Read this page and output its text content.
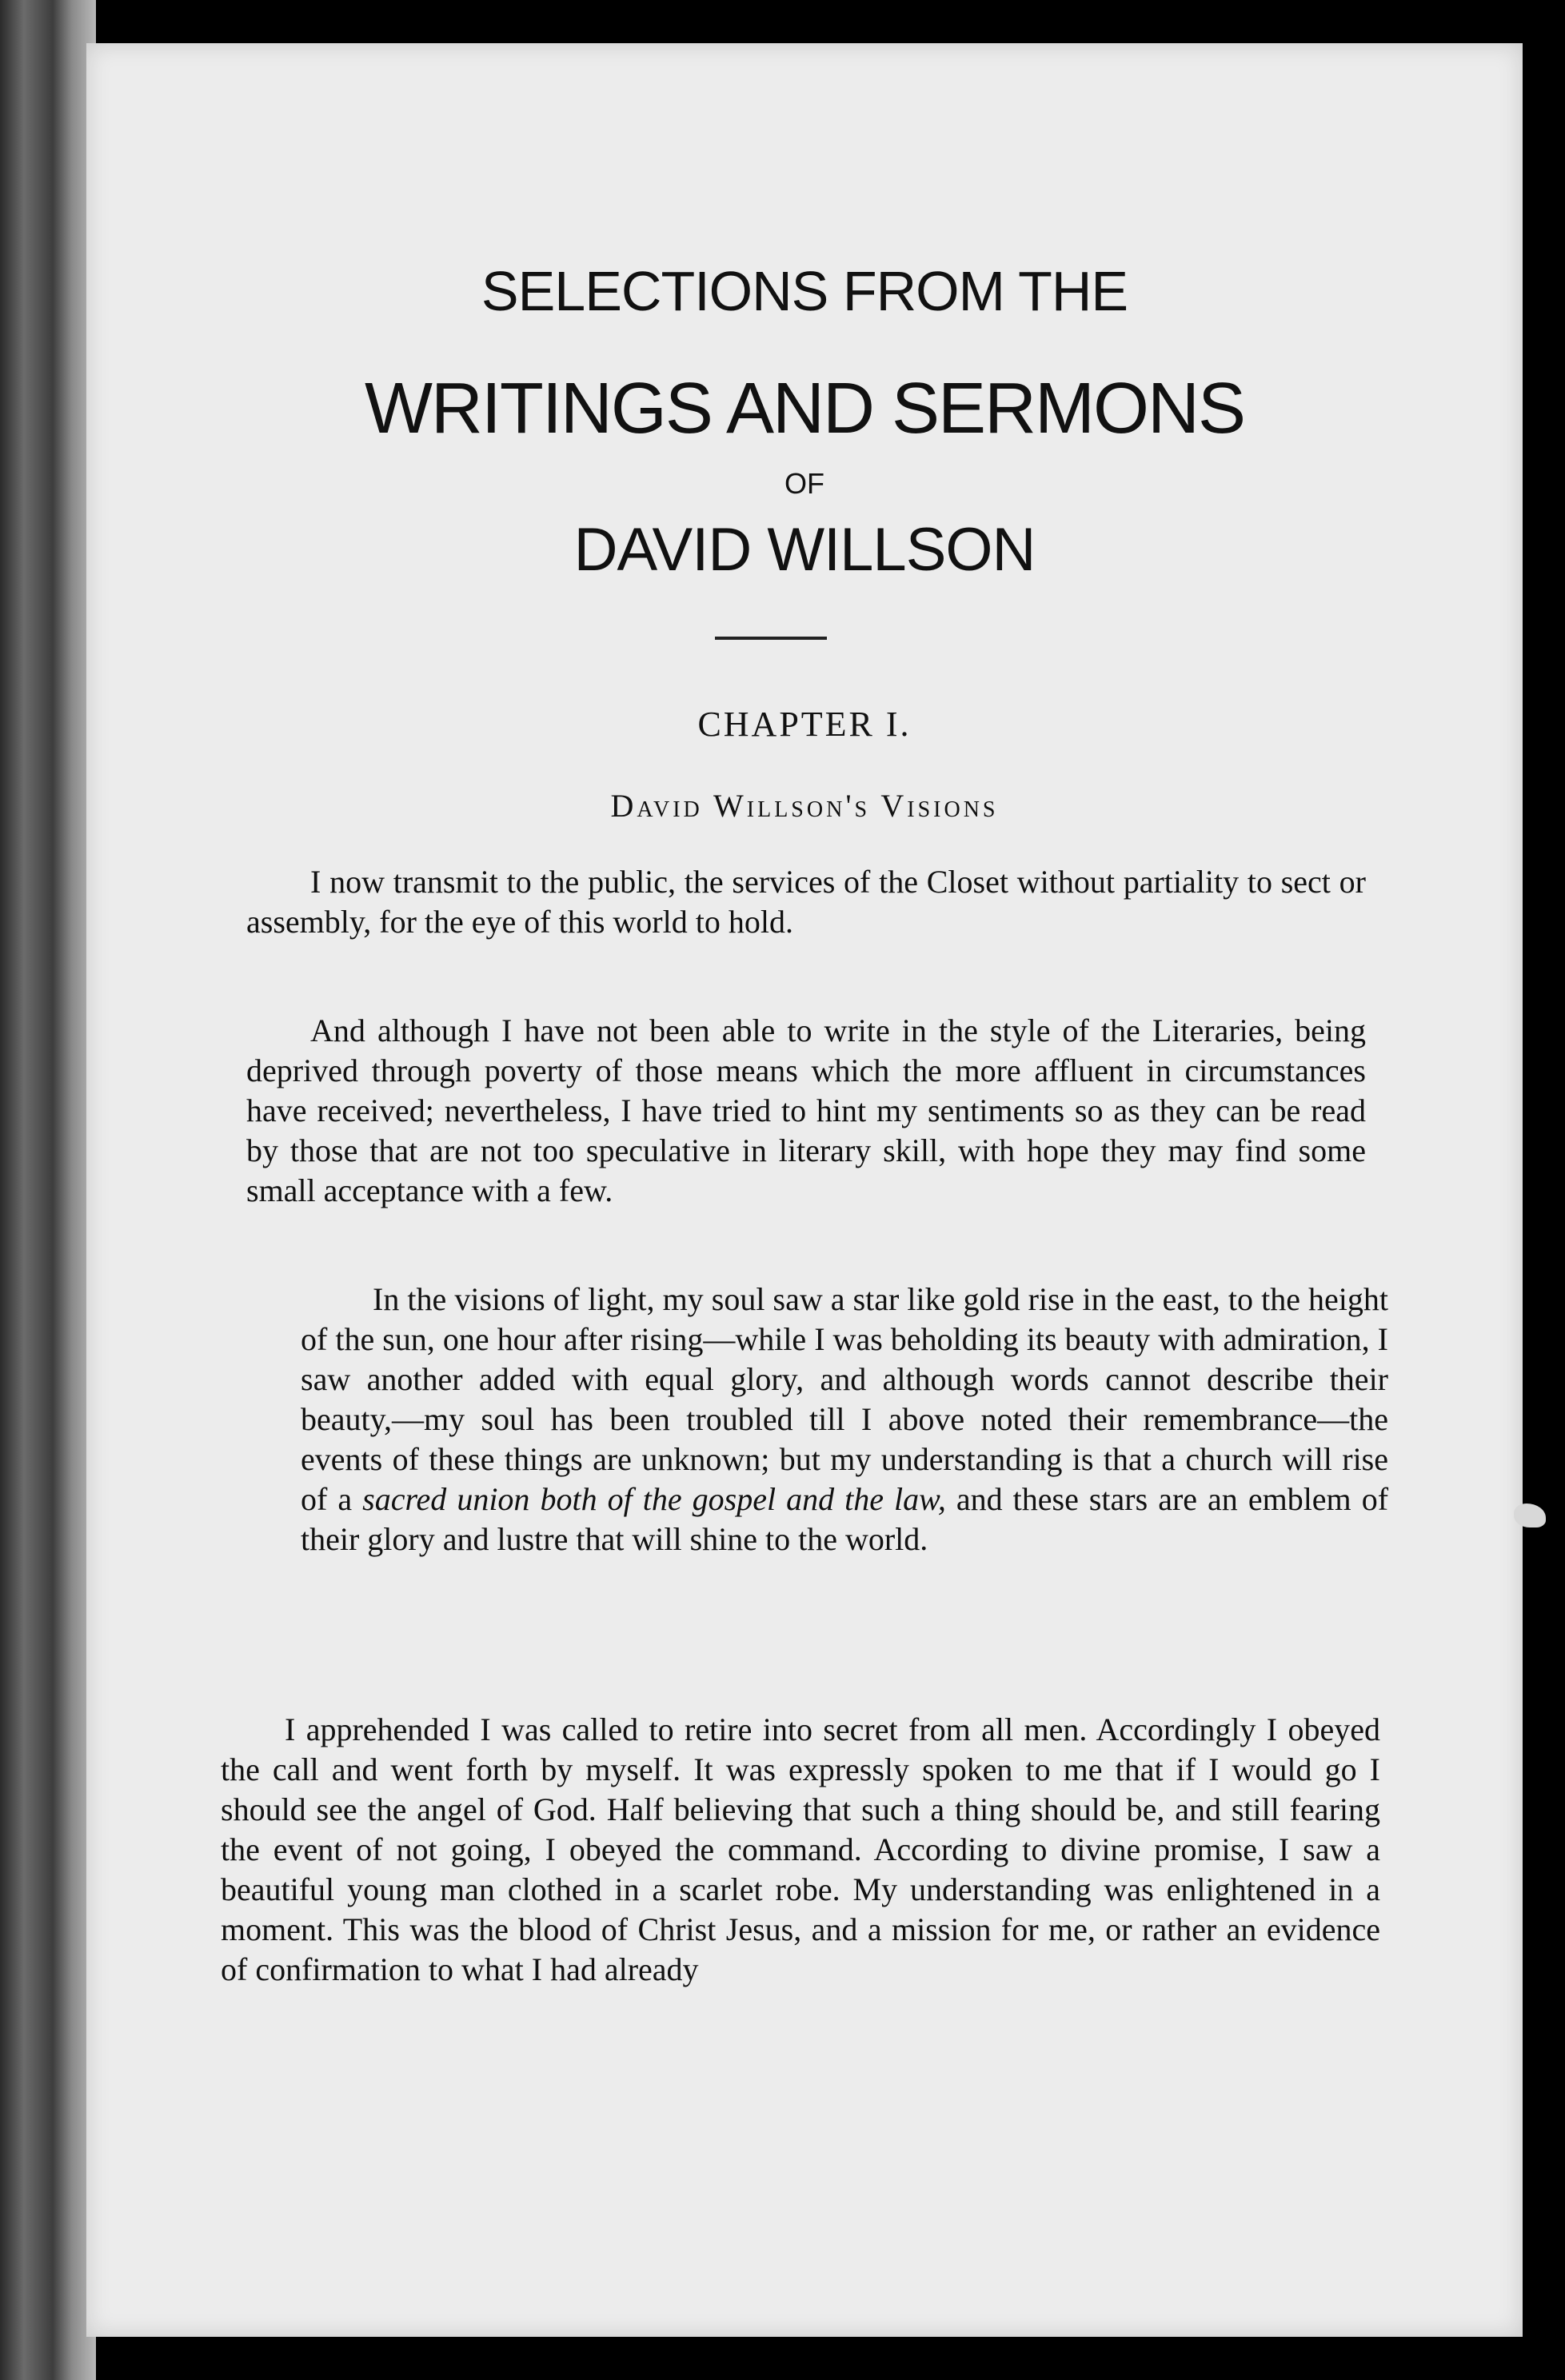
SELECTIONS FROM THE
WRITINGS AND SERMONS
OF
DAVID WILLSON
CHAPTER I.
David Willson's Visions

I now transmit to the public, the services of the Closet without partiality to sect or assembly, for the eye of this world to hold.

And although I have not been able to write in the style of the Literaries, being deprived through poverty of those means which the more affluent in circumstances have received; nevertheless, I have tried to hint my sentiments so as they can be read by those that are not too speculative in literary skill, with hope they may find some small acceptance with a few.

In the visions of light, my soul saw a star like gold rise in the east, to the height of the sun, one hour after rising—while I was beholding its beauty with admiration, I saw another added with equal glory, and although words cannot describe their beauty,—my soul has been troubled till I above noted their remembrance—the events of these things are unknown; but my understanding is that a church will rise of a sacred union both of the gospel and the law, and these stars are an emblem of their glory and lustre that will shine to the world.

I apprehended I was called to retire into secret from all men. Accordingly I obeyed the call and went forth by myself. It was expressly spoken to me that if I would go I should see the angel of God. Half believing that such a thing should be, and still fearing the event of not going, I obeyed the command. According to divine promise, I saw a beautiful young man clothed in a scarlet robe. My understanding was enlightened in a moment. This was the blood of Christ Jesus, and a mission for me, or rather an evidence of confirmation to what I had already
